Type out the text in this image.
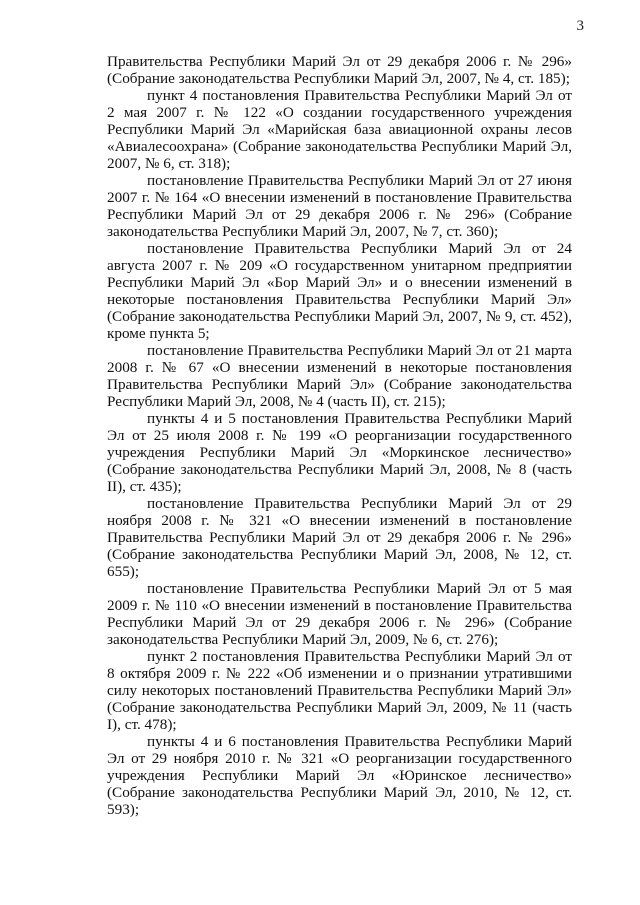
3

Правительства Республики Марий Эл от 29 декабря 2006 г. № 296» (Собрание законодательства Республики Марий Эл, 2007, № 4, ст. 185);

пункт 4 постановления Правительства Республики Марий Эл от 2 мая 2007 г. № 122 «О создании государственного учреждения Республики Марий Эл «Марийская база авиационной охраны лесов «Авиалесоохрана» (Собрание законодательства Республики Марий Эл, 2007, № 6, ст. 318);

постановление Правительства Республики Марий Эл от 27 июня 2007 г. № 164 «О внесении изменений в постановление Правительства Республики Марий Эл от 29 декабря 2006 г. № 296» (Собрание законодательства Республики Марий Эл, 2007, № 7, ст. 360);

постановление Правительства Республики Марий Эл от 24 августа 2007 г. № 209 «О государственном унитарном предприятии Республики Марий Эл «Бор Марий Эл» и о внесении изменений в некоторые постановления Правительства Республики Марий Эл» (Собрание законодательства Республики Марий Эл, 2007, № 9, ст. 452), кроме пункта 5;

постановление Правительства Республики Марий Эл от 21 марта 2008 г. № 67 «О внесении изменений в некоторые постановления Правительства Республики Марий Эл» (Собрание законодательства Республики Марий Эл, 2008, № 4 (часть II), ст. 215);

пункты 4 и 5 постановления Правительства Республики Марий Эл от 25 июля 2008 г. № 199 «О реорганизации государственного учреждения Республики Марий Эл «Моркинское лесничество» (Собрание законодательства Республики Марий Эл, 2008, № 8 (часть II), ст. 435);

постановление Правительства Республики Марий Эл от 29 ноября 2008 г. № 321 «О внесении изменений в постановление Правительства Республики Марий Эл от 29 декабря 2006 г. № 296» (Собрание законодательства Республики Марий Эл, 2008, № 12, ст. 655);

постановление Правительства Республики Марий Эл от 5 мая 2009 г. № 110 «О внесении изменений в постановление Правительства Республики Марий Эл от 29 декабря 2006 г. № 296» (Собрание законодательства Республики Марий Эл, 2009, № 6, ст. 276);

пункт 2 постановления Правительства Республики Марий Эл от 8 октября 2009 г. № 222 «Об изменении и о признании утратившими силу некоторых постановлений Правительства Республики Марий Эл» (Собрание законодательства Республики Марий Эл, 2009, № 11 (часть I), ст. 478);

пункты 4 и 6 постановления Правительства Республики Марий Эл от 29 ноября 2010 г. № 321 «О реорганизации государственного учреждения Республики Марий Эл «Юринское лесничество» (Собрание законодательства Республики Марий Эл, 2010, № 12, ст. 593);
